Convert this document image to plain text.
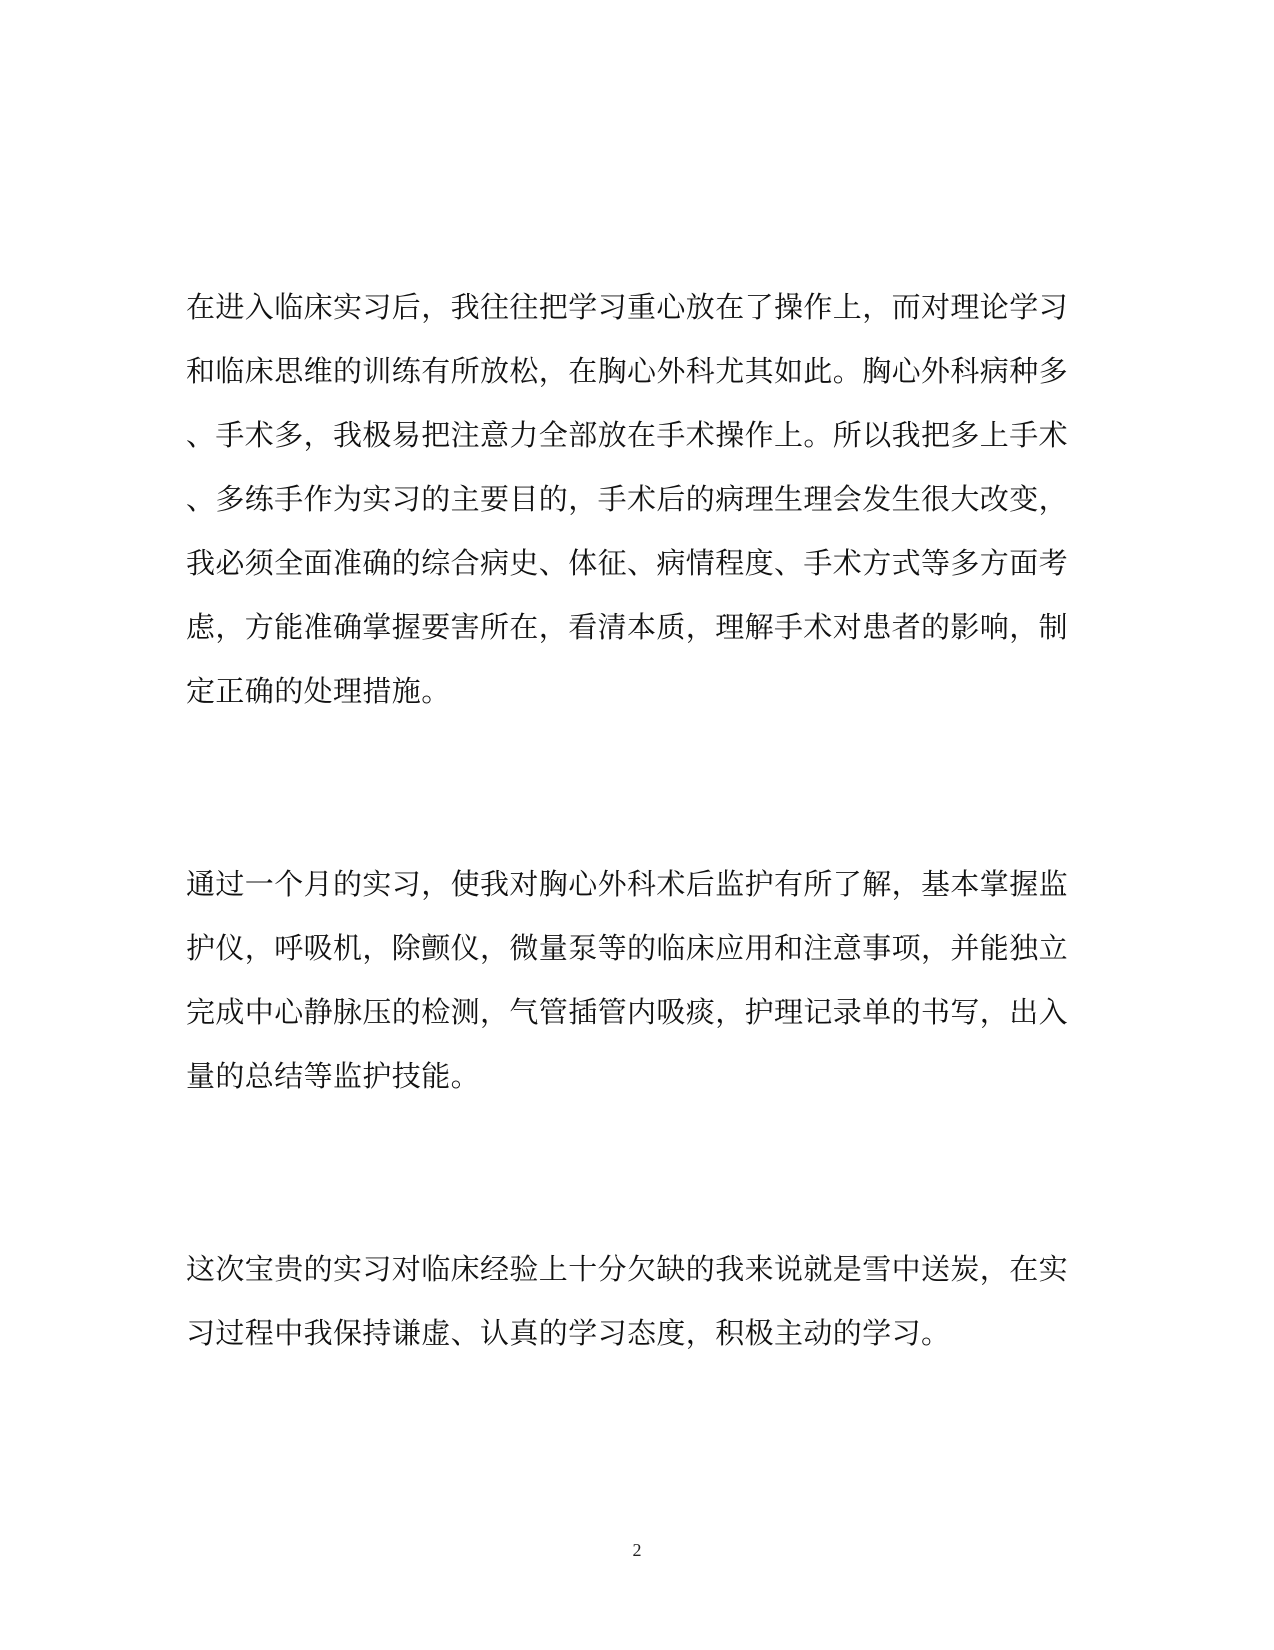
在进入临床实习后，我往往把学习重心放在了操作上，而对理论学习
和临床思维的训练有所放松，在胸心外科尤其如此。胸心外科病种多
、手术多，我极易把注意力全部放在手术操作上。所以我把多上手术
、多练手作为实习的主要目的，手术后的病理生理会发生很大改变，
我必须全面准确的综合病史、体征、病情程度、手术方式等多方面考
虑，方能准确掌握要害所在，看清本质，理解手术对患者的影响，制
定正确的处理措施。
通过一个月的实习，使我对胸心外科术后监护有所了解，基本掌握监
护仪，呼吸机，除颤仪，微量泵等的临床应用和注意事项，并能独立
完成中心静脉压的检测，气管插管内吸痰，护理记录单的书写，出入
量的总结等监护技能。
这次宝贵的实习对临床经验上十分欠缺的我来说就是雪中送炭，在实
习过程中我保持谦虚、认真的学习态度，积极主动的学习。
2
